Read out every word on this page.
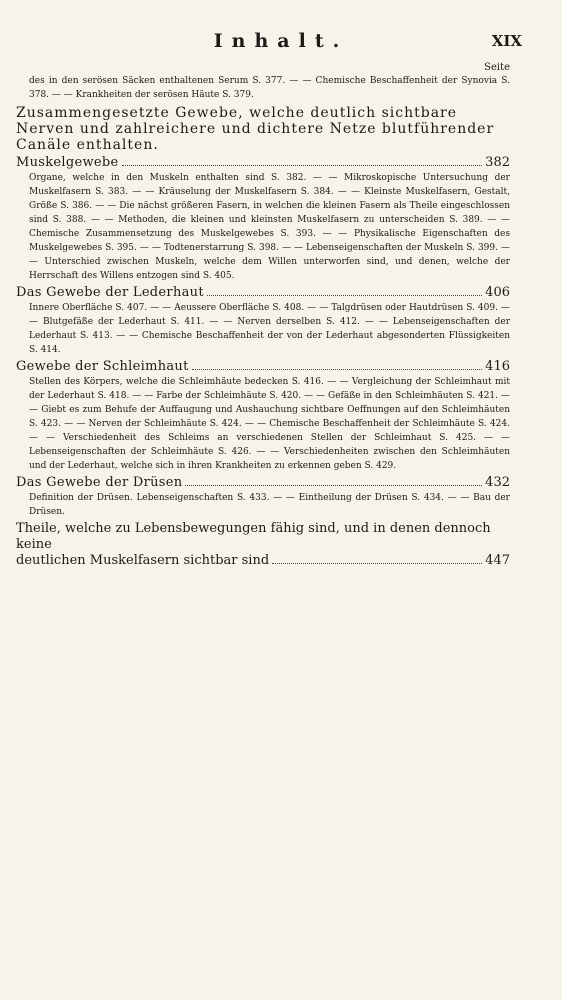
Inhalt.	XIX
Seite

des in den serösen Säcken enthaltenen Serum S. 377. — — Chemische Beschaffenheit der Synovia S. 378. — — Krankheiten der serösen Häute S. 379.

Zusammengesetzte Gewebe, welche deutlich sichtbare Nerven und zahlreichere und dichtere Netze blutführender Canäle enthalten.

Muskelgewebe	382

Organe, welche in den Muskeln enthalten sind S. 382. — — Mikroskopische Untersuchung der Muskelfasern S. 383. — — Kräuselung der Muskelfasern S. 384. — — Kleinste Muskelfasern, Gestalt, Größe S. 386. — — Die nächst größeren Fasern, in welchen die kleinen Fasern als Theile eingeschlossen sind S. 388. — — Methoden, die kleinen und kleinsten Muskelfasern zu unterscheiden S. 389. — — Chemische Zusammensetzung des Muskelgewebes S. 393. — — Physikalische Eigenschaften des Muskelgewebes S. 395. — — Todtenerstarrung S. 398. — — Lebenseigenschaften der Muskeln S. 399. — — Unterschied zwischen Muskeln, welche dem Willen unterworfen sind, und denen, welche der Herrschaft des Willens entzogen sind S. 405.

Das Gewebe der Lederhaut	406

Innere Oberfläche S. 407. — — Aeussere Oberfläche S. 408. — — Talgdrüsen oder Hautdrüsen S. 409. — — Blutgefäße der Lederhaut S. 411. — — Nerven derselben S. 412. — — Lebenseigenschaften der Lederhaut S. 413. — — Chemische Beschaffenheit der von der Lederhaut abgesonderten Flüssigkeiten S. 414.

Gewebe der Schleimhaut	416

Stellen des Körpers, welche die Schleimhäute bedecken S. 416. — — Vergleichung der Schleimhaut mit der Lederhaut S. 418. — — Farbe der Schleimhäute S. 420. — — Gefäße in den Schleimhäuten S. 421. — — Giebt es zum Behufe der Auffaugung und Aushauchung sichtbare Oeffnungen auf den Schleimhäuten S. 423. — — Nerven der Schleimhäute S. 424. — — Chemische Beschaffenheit der Schleimhäute S. 424. — — Verschiedenheit des Schleims an verschiedenen Stellen der Schleimhaut S. 425. — — Lebenseigenschaften der Schleimhäute S. 426. — — Verschiedenheiten zwischen den Schleimhäuten und der Lederhaut, welche sich in ihren Krankheiten zu erkennen geben S. 429.

Das Gewebe der Drüsen	432

Definition der Drüsen. Lebenseigenschaften S. 433. — — Eintheilung der Drüsen S. 434. — — Bau der Drüsen.

Theile, welche zu Lebensbewegungen fähig sind, und in denen dennoch keine
deutlichen Muskelfasern sichtbar sind	447
